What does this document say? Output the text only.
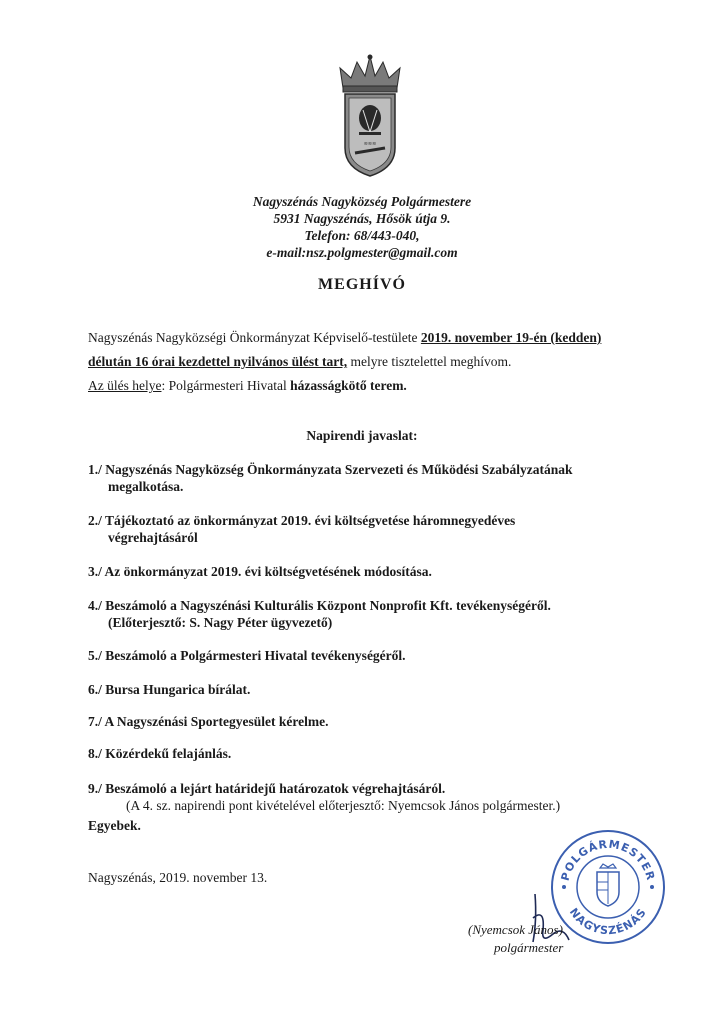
≋≋≋
Nagyszénás Nagyközség Polgármestere
5931 Nagyszénás, Hősök útja 9.
Telefon: 68/443-040,
e-mail:nsz.polgmester@gmail.com
MEGHÍVÓ
Nagyszénás Nagyközségi Önkormányzat Képviselő-testülete 2019. november 19-én (kedden)
délután 16 órai kezdettel nyilvános ülést tart, melyre tisztelettel meghívom.
Az ülés helye: Polgármesteri Hivatal házasságkötő terem.
Napirendi javaslat:
1./ Nagyszénás Nagyközség Önkormányzata Szervezeti és Működési Szabályzatának
megalkotása.
2./ Tájékoztató az önkormányzat 2019. évi költségvetése háromnegyedéves
végrehajtásáról
3./ Az önkormányzat 2019. évi költségvetésének módosítása.
4./ Beszámoló a Nagyszénási Kulturális Központ Nonprofit Kft. tevékenységéről.
(Előterjesztő: S. Nagy Péter ügyvezető)
5./ Beszámoló a Polgármesteri Hivatal tevékenységéről.
6./ Bursa Hungarica bírálat.
7./ A Nagyszénási Sportegyesület kérelme.
8./ Közérdekű felajánlás.
9./ Beszámoló a lejárt határidejű határozatok végrehajtásáról.
(A 4. sz. napirendi pont kivételével előterjesztő: Nyemcsok János polgármester.)
Egyebek.
Nagyszénás, 2019. november 13.	POLGÁRMESTER
NAGYSZÉNÁS
(Nyemcsok János)
polgármester
